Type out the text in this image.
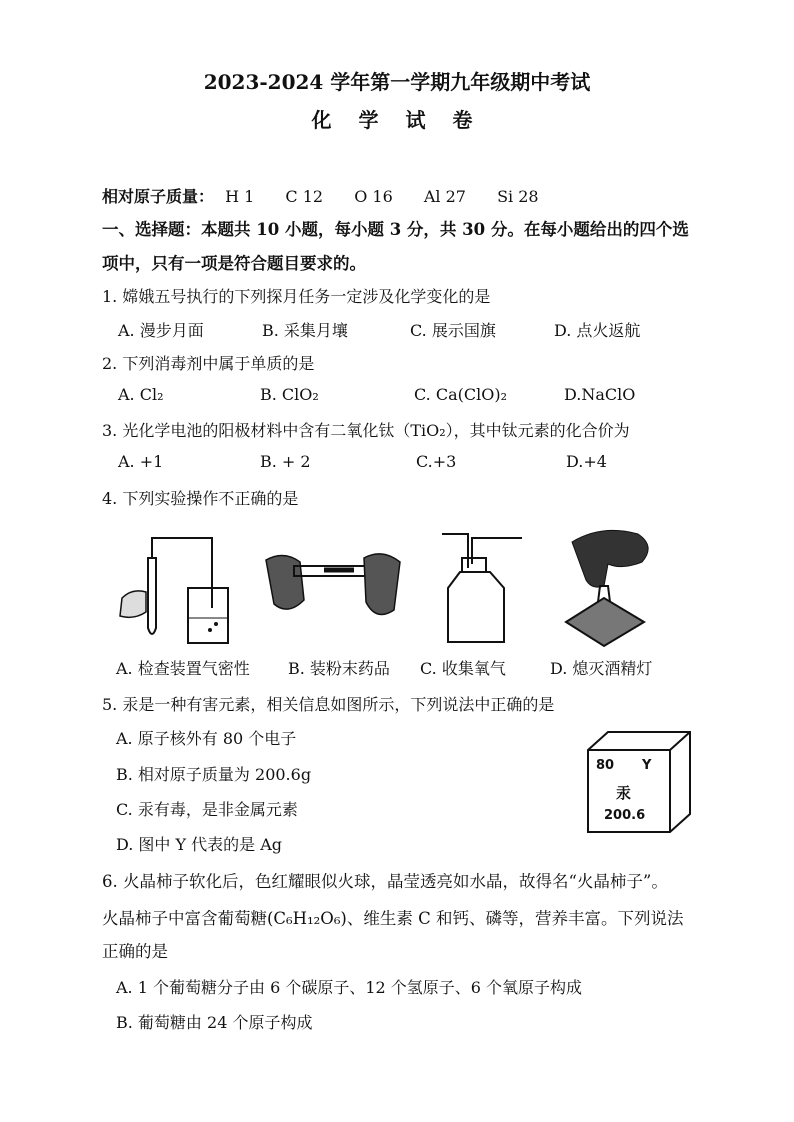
2023-2024 学年第一学期九年级期中考试
化 学 试 卷
相对原子质量： H 1 C 12 O 16 Al 27 Si 28
一、选择题：本题共 10 小题，每小题 3 分，共 30 分。在每小题给出的四个选
项中，只有一项是符合题目要求的。
1. 嫦娥五号执行的下列探月任务一定涉及化学变化的是
A. 漫步月面	B. 采集月壤	C. 展示国旗	D. 点火返航
2. 下列消毒剂中属于单质的是
A. Cl₂	B. ClO₂	C. Ca(ClO)₂	D.NaClO
3. 光化学电池的阳极材料中含有二氧化钛（TiO₂），其中钛元素的化合价为
A. +1	B. + 2	C.+3	D.+4
4. 下列实验操作不正确的是
A. 检查装置气密性 B. 装粉末药品 C. 收集氧气	D. 熄灭酒精灯
5. 汞是一种有害元素，相关信息如图所示，下列说法中正确的是
A. 原子核外有 80 个电子
B. 相对原子质量为 200.6g
C. 汞有毒，是非金属元素
D. 图中 Y 代表的是 Ag
80 Y
汞
200.6
6. 火晶柿子软化后，色红耀眼似火球，晶莹透亮如水晶，故得名“火晶柿子”。
火晶柿子中富含葡萄糖(C₆H₁₂O₆)、维生素 C 和钙、磷等，营养丰富。下列说法
正确的是
A. 1 个葡萄糖分子由 6 个碳原子、12 个氢原子、6 个氧原子构成
B. 葡萄糖由 24 个原子构成
